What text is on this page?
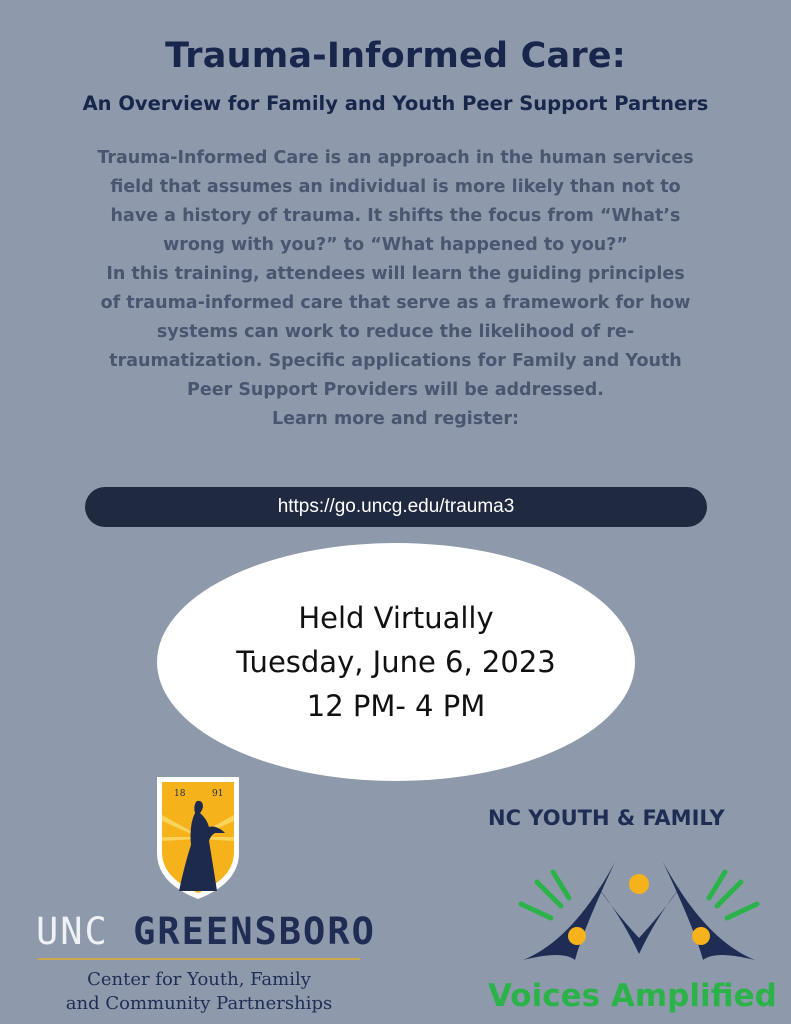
Trauma-Informed Care:
An Overview for Family and Youth Peer Support Partners

Trauma-Informed Care is an approach in the human services field that assumes an individual is more likely than not to have a history of trauma. It shifts the focus from “What’s wrong with you?” to “What happened to you?”

In this training, attendees will learn the guiding principles of trauma-informed care that serve as a framework for how systems can work to reduce the likelihood of re-traumatization. Specific applications for Family and Youth Peer Support Providers will be addressed.

Learn more and register:

https://go.uncg.edu/trauma3
Held Virtually
Tuesday, June 6, 2023
12 PM- 4 PM
18	91
UNC GREENSBORO
Center for Youth, Family
and Community Partnerships
NC YOUTH & FAMILY
Voices Amplified
